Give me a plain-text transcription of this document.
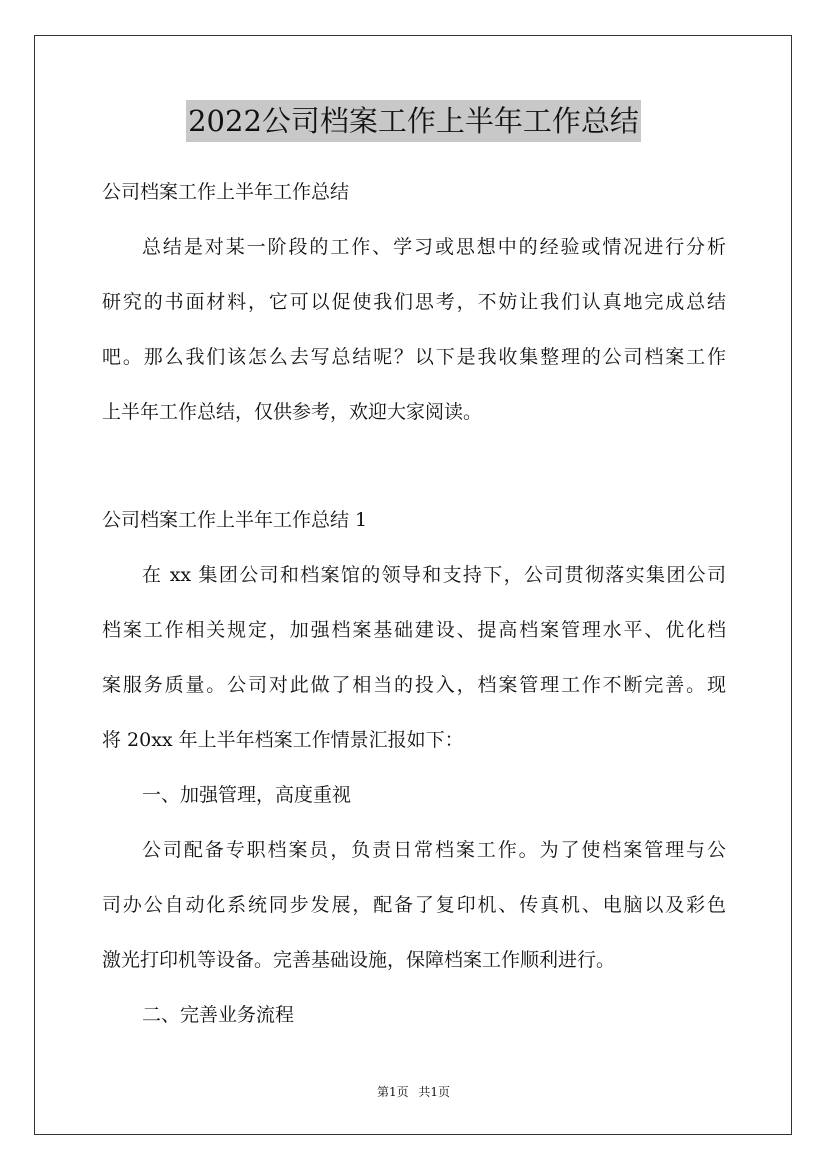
2022公司档案工作上半年工作总结
公司档案工作上半年工作总结
总结是对某一阶段的工作、学习或思想中的经验或情况进行分析
研究的书面材料，它可以促使我们思考，不妨让我们认真地完成总结
吧。那么我们该怎么去写总结呢？以下是我收集整理的公司档案工作
上半年工作总结，仅供参考，欢迎大家阅读。
公司档案工作上半年工作总结 1
在 xx 集团公司和档案馆的领导和支持下，公司贯彻落实集团公司
档案工作相关规定，加强档案基础建设、提高档案管理水平、优化档
案服务质量。公司对此做了相当的投入，档案管理工作不断完善。现
将 20xx 年上半年档案工作情景汇报如下：
一、加强管理，高度重视
公司配备专职档案员，负责日常档案工作。为了使档案管理与公
司办公自动化系统同步发展，配备了复印机、传真机、电脑以及彩色
激光打印机等设备。完善基础设施，保障档案工作顺利进行。
二、完善业务流程
第1页 共1页
